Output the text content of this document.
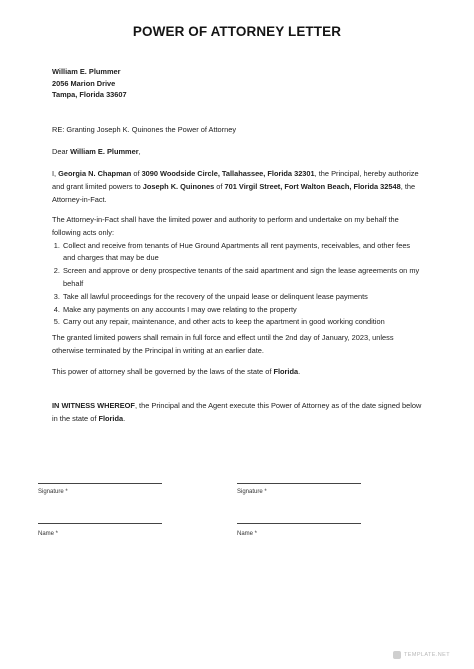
POWER OF ATTORNEY LETTER
William E. Plummer
2056 Marion Drive
Tampa, Florida 33607
RE: Granting Joseph K. Quinones the Power of Attorney
Dear William E. Plummer,
I, Georgia N. Chapman of 3090 Woodside Circle, Tallahassee, Florida 32301, the Principal, hereby authorize and grant limited powers to Joseph K. Quinones of 701 Virgil Street, Fort Walton Beach, Florida 32548, the Attorney-in-Fact.
The Attorney-in-Fact shall have the limited power and authority to perform and undertake on my behalf the following acts only:
1. Collect and receive from tenants of Hue Ground Apartments all rent payments, receivables, and other fees and charges that may be due
2. Screen and approve or deny prospective tenants of the said apartment and sign the lease agreements on my behalf
3. Take all lawful proceedings for the recovery of the unpaid lease or delinquent lease payments
4. Make any payments on any accounts I may owe relating to the property
5. Carry out any repair, maintenance, and other acts to keep the apartment in good working condition
The granted limited powers shall remain in full force and effect until the 2nd day of January, 2023, unless otherwise terminated by the Principal in writing at an earlier date.
This power of attorney shall be governed by the laws of the state of Florida.
IN WITNESS WHEREOF, the Principal and the Agent execute this Power of Attorney as of the date signed below in the state of Florida.
Signature *	Signature *
Name *	Name *
TEMPLATE.NET
